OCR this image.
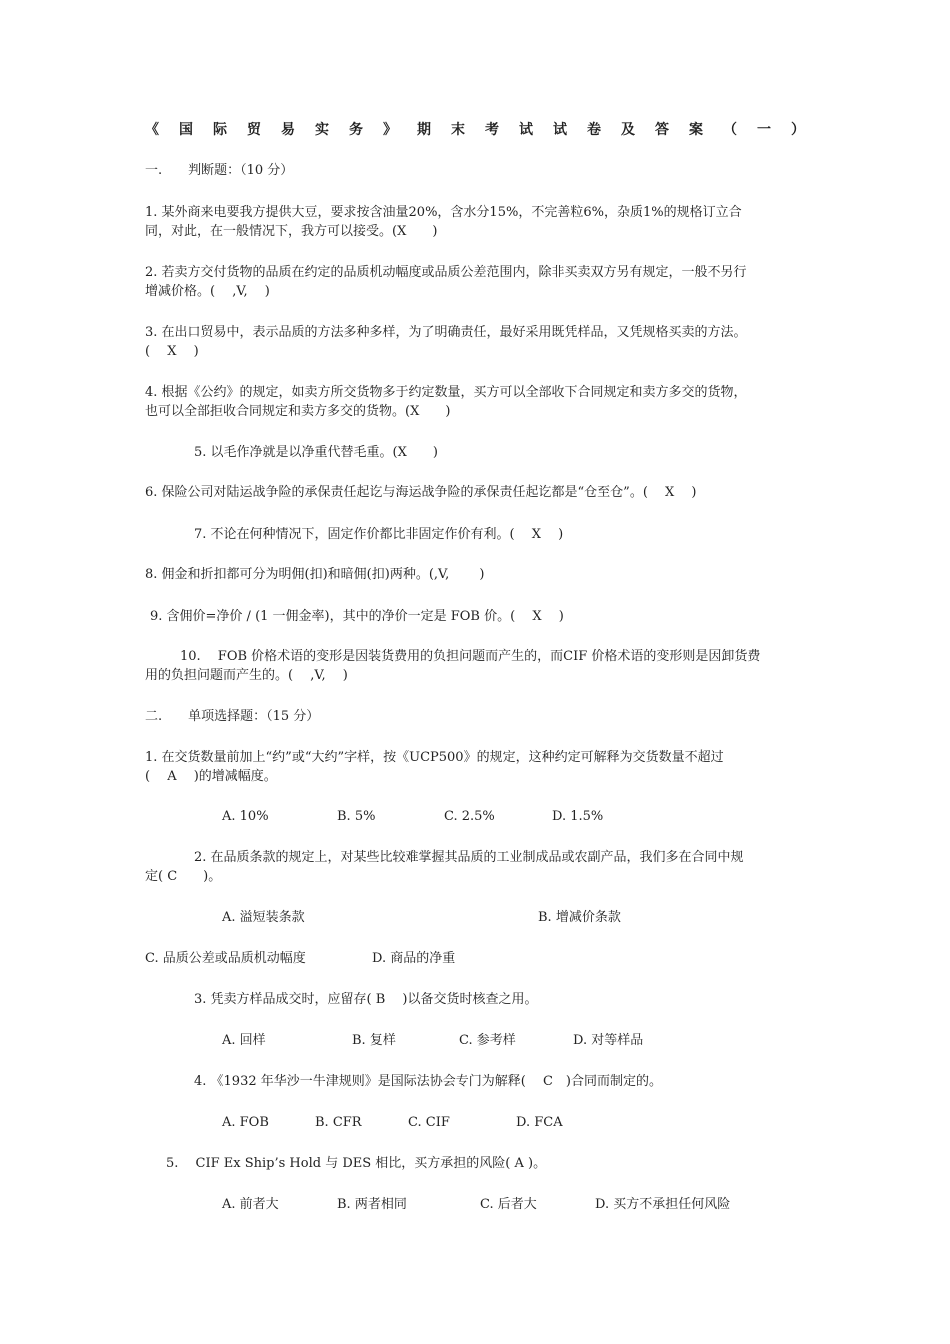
《 国 际 贸 易 实 务 》 期 末 考 试 试 卷 及 答 案 （ 一 ）
一.　　判断题：（10 分）
1. 某外商来电要我方提供大豆，要求按含油量20%，含水分15%，不完善粒6%，杂质1%的规格订立合
同，对此，在一般情况下，我方可以接受。(X　　)
2. 若卖方交付货物的品质在约定的品质机动幅度或品质公差范围内，除非买卖双方另有规定，一般不另行
增减价格。(　 ,V,　 )
3. 在出口贸易中，表示品质的方法多种多样，为了明确责任，最好采用既凭样品，又凭规格买卖的方法。
(　 X　 )
4. 根据《公约》的规定，如卖方所交货物多于约定数量，买方可以全部收下合同规定和卖方多交的货物，
也可以全部拒收合同规定和卖方多交的货物。(X　　)
5. 以毛作净就是以净重代替毛重。(X　　)
6. 保险公司对陆运战争险的承保责任起讫与海运战争险的承保责任起讫都是“仓至仓”。(　 X　 )
7. 不论在何种情况下，固定作价都比非固定作价有利。(　 X　 )
8. 佣金和折扣都可分为明佣(扣)和暗佣(扣)两种。(,V,　　 )
9. 含佣价=净价 / (1 一佣金率)，其中的净价一定是 FOB 价。(　 X　 )
10.　 FOB 价格术语的变形是因装货费用的负担问题而产生的，而CIF 价格术语的变形则是因卸货费
用的负担问题而产生的。(　 ,V,　 )
二.　　单项选择题：（15 分）
1. 在交货数量前加上“约”或“大约”字样，按《UCP500》的规定，这种约定可解释为交货数量不超过
(　 A　 )的增减幅度。
A. 10%	B. 5%	C. 2.5%	D. 1.5%
2. 在品质条款的规定上，对某些比较难掌握其品质的工业制成品或农副产品，我们多在合同中规
定( C　　)。
A. 溢短装条款	B. 增减价条款
C. 品质公差或品质机动幅度	D. 商品的净重
3. 凭卖方样品成交时，应留存( B　 )以备交货时核查之用。
A. 回样	B. 复样	C. 参考样	D. 对等样品
4. 《1932 年华沙一牛津规则》是国际法协会专门为解释(　 C　)合同而制定的。
A. FOB	B. CFR	C. CIF	D. FCA
5.　 CIF Ex Ship’s Hold 与 DES 相比，买方承担的风险( A )。
A. 前者大	B. 两者相同	C. 后者大	D. 买方不承担任何风险
